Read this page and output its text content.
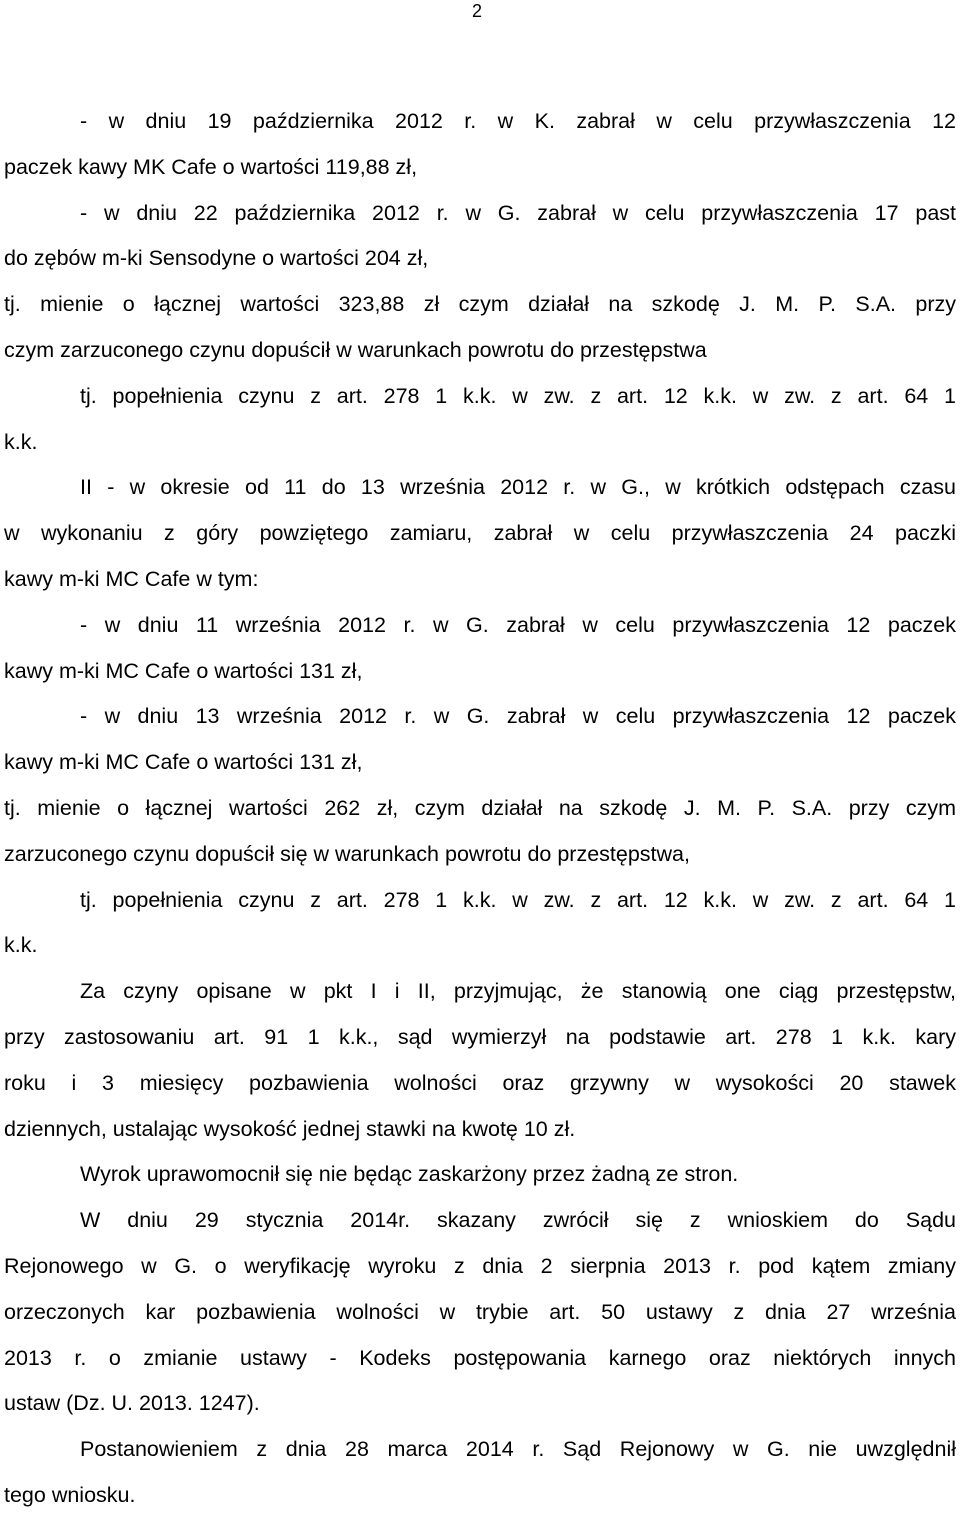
2
- w dniu 19 października 2012 r. w K. zabrał w celu przywłaszczenia 12
paczek kawy MK Cafe o wartości 119,88 zł,
- w dniu 22 października 2012 r. w G. zabrał w celu przywłaszczenia 17 past
do zębów m-ki Sensodyne o wartości 204 zł,
tj. mienie o łącznej wartości 323,88 zł czym działał na szkodę J. M. P. S.A. przy
czym zarzuconego czynu dopuścił w warunkach powrotu do przestępstwa
tj. popełnienia czynu z art. 278 1 k.k. w zw. z art. 12 k.k. w zw. z art. 64 1
k.k.
II - w okresie od 11 do 13 września 2012 r. w G., w krótkich odstępach czasu
w wykonaniu z góry powziętego zamiaru, zabrał w celu przywłaszczenia 24 paczki
kawy m-ki MC Cafe w tym:
- w dniu 11 września 2012 r. w G. zabrał w celu przywłaszczenia 12 paczek
kawy m-ki MC Cafe o wartości 131 zł,
- w dniu 13 września 2012 r. w G. zabrał w celu przywłaszczenia 12 paczek
kawy m-ki MC Cafe o wartości 131 zł,
tj. mienie o łącznej wartości 262 zł, czym działał na szkodę J. M. P. S.A. przy czym
zarzuconego czynu dopuścił się w warunkach powrotu do przestępstwa,
tj. popełnienia czynu z art. 278 1 k.k. w zw. z art. 12 k.k. w zw. z art. 64 1
k.k.
Za czyny opisane w pkt I i II, przyjmując, że stanowią one ciąg przestępstw,
przy zastosowaniu art. 91 1 k.k., sąd wymierzył na podstawie art. 278 1 k.k. kary
roku i 3 miesięcy pozbawienia wolności oraz grzywny w wysokości 20 stawek
dziennych, ustalając wysokość jednej stawki na kwotę 10 zł.
Wyrok uprawomocnił się nie będąc zaskarżony przez żadną ze stron.
W dniu 29 stycznia 2014r. skazany zwrócił się z wnioskiem do Sądu
Rejonowego w G. o weryfikację wyroku z dnia 2 sierpnia 2013 r. pod kątem zmiany
orzeczonych kar pozbawienia wolności w trybie art. 50 ustawy z dnia 27 września
2013 r. o zmianie ustawy - Kodeks postępowania karnego oraz niektórych innych
ustaw (Dz. U. 2013. 1247).
Postanowieniem z dnia 28 marca 2014 r. Sąd Rejonowy w G. nie uwzględnił
tego wniosku.
